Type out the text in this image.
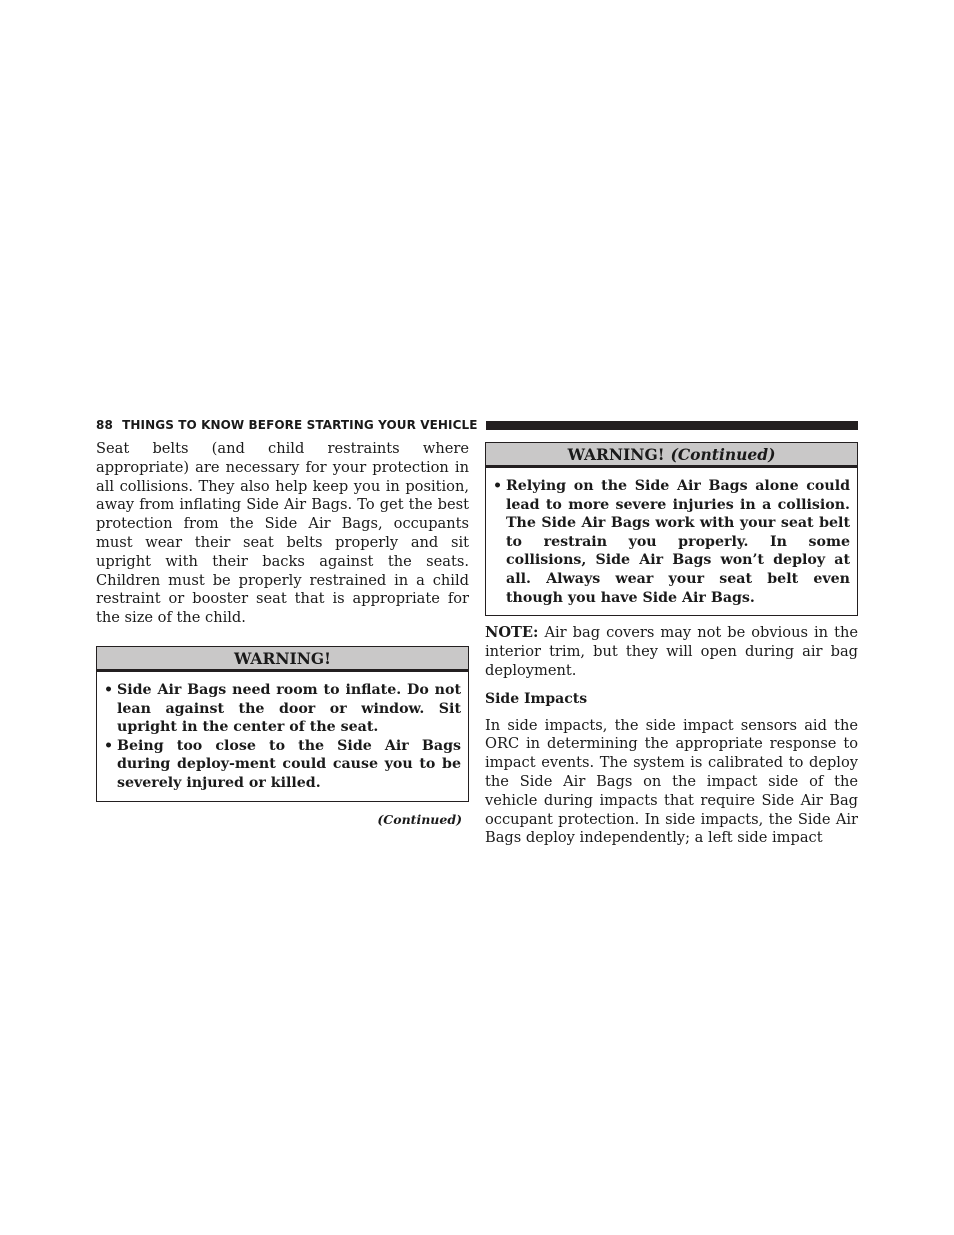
88 THINGS TO KNOW BEFORE STARTING YOUR VEHICLE

Seat belts (and child restraints where appropriate) are necessary for your protection in all collisions. They also help keep you in position, away from inflating Side Air Bags. To get the best protection from the Side Air Bags, occupants must wear their seat belts properly and sit upright with their backs against the seats. Children must be properly restrained in a child restraint or booster seat that is appropriate for the size of the child.

WARNING!
• Side Air Bags need room to inflate. Do not lean against the door or window. Sit upright in the center of the seat.
• Being too close to the Side Air Bags during deploy-ment could cause you to be severely injured or killed.
(Continued)
WARNING! (Continued)
• Relying on the Side Air Bags alone could lead to more severe injuries in a collision. The Side Air Bags work with your seat belt to restrain you properly. In some collisions, Side Air Bags won’t deploy at all. Always wear your seat belt even though you have Side Air Bags.

NOTE: Air bag covers may not be obvious in the interior trim, but they will open during air bag deployment.

Side Impacts

In side impacts, the side impact sensors aid the ORC in determining the appropriate response to impact events. The system is calibrated to deploy the Side Air Bags on the impact side of the vehicle during impacts that require Side Air Bag occupant protection. In side impacts, the Side Air Bags deploy independently; a left side impact
